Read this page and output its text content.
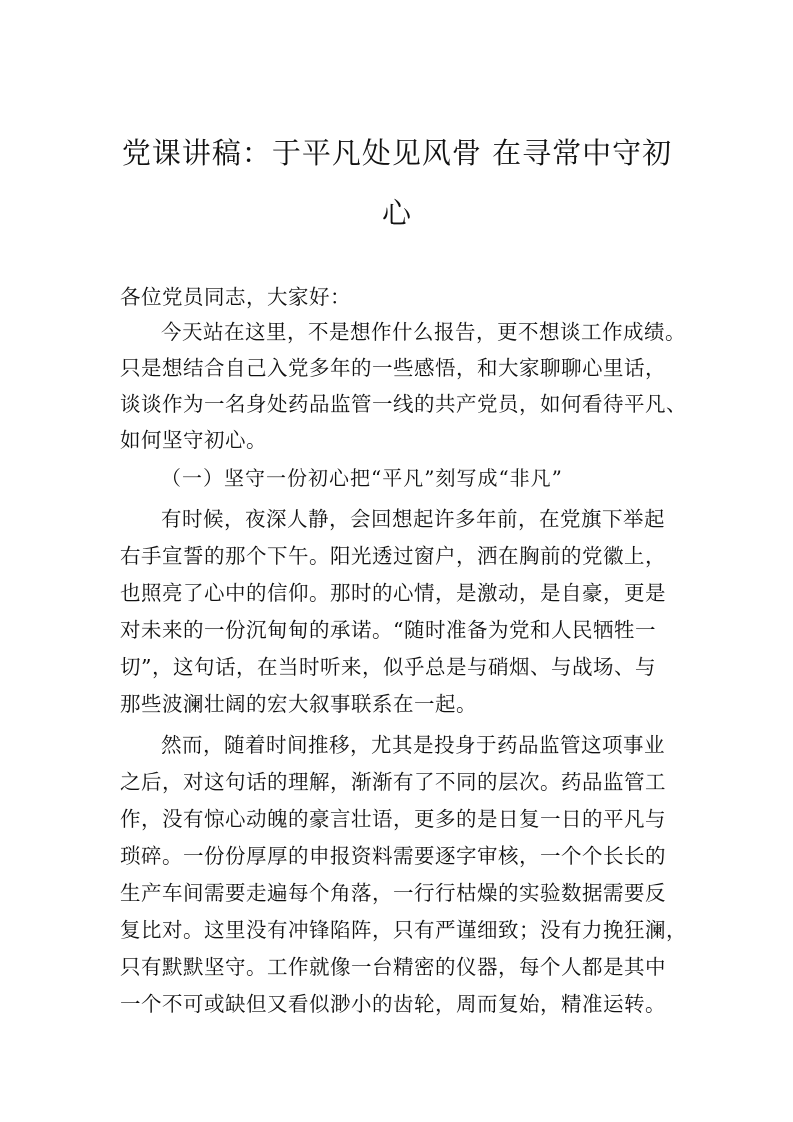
党课讲稿：于平凡处见风骨 在寻常中守初
心
各位党员同志，大家好：
今天站在这里，不是想作什么报告，更不想谈工作成绩。
只是想结合自己入党多年的一些感悟，和大家聊聊心里话，
谈谈作为一名身处药品监管一线的共产党员，如何看待平凡、
如何坚守初心。
（一）坚守一份初心把“平凡”刻写成“非凡”
有时候，夜深人静，会回想起许多年前，在党旗下举起
右手宣誓的那个下午。阳光透过窗户，洒在胸前的党徽上，
也照亮了心中的信仰。那时的心情，是激动，是自豪，更是
对未来的一份沉甸甸的承诺。“随时准备为党和人民牺牲一
切”，这句话，在当时听来，似乎总是与硝烟、与战场、与
那些波澜壮阔的宏大叙事联系在一起。
然而，随着时间推移，尤其是投身于药品监管这项事业
之后，对这句话的理解，渐渐有了不同的层次。药品监管工
作，没有惊心动魄的豪言壮语，更多的是日复一日的平凡与
琐碎。一份份厚厚的申报资料需要逐字审核，一个个长长的
生产车间需要走遍每个角落，一行行枯燥的实验数据需要反
复比对。这里没有冲锋陷阵，只有严谨细致；没有力挽狂澜，
只有默默坚守。工作就像一台精密的仪器，每个人都是其中
一个不可或缺但又看似渺小的齿轮，周而复始，精准运转。
